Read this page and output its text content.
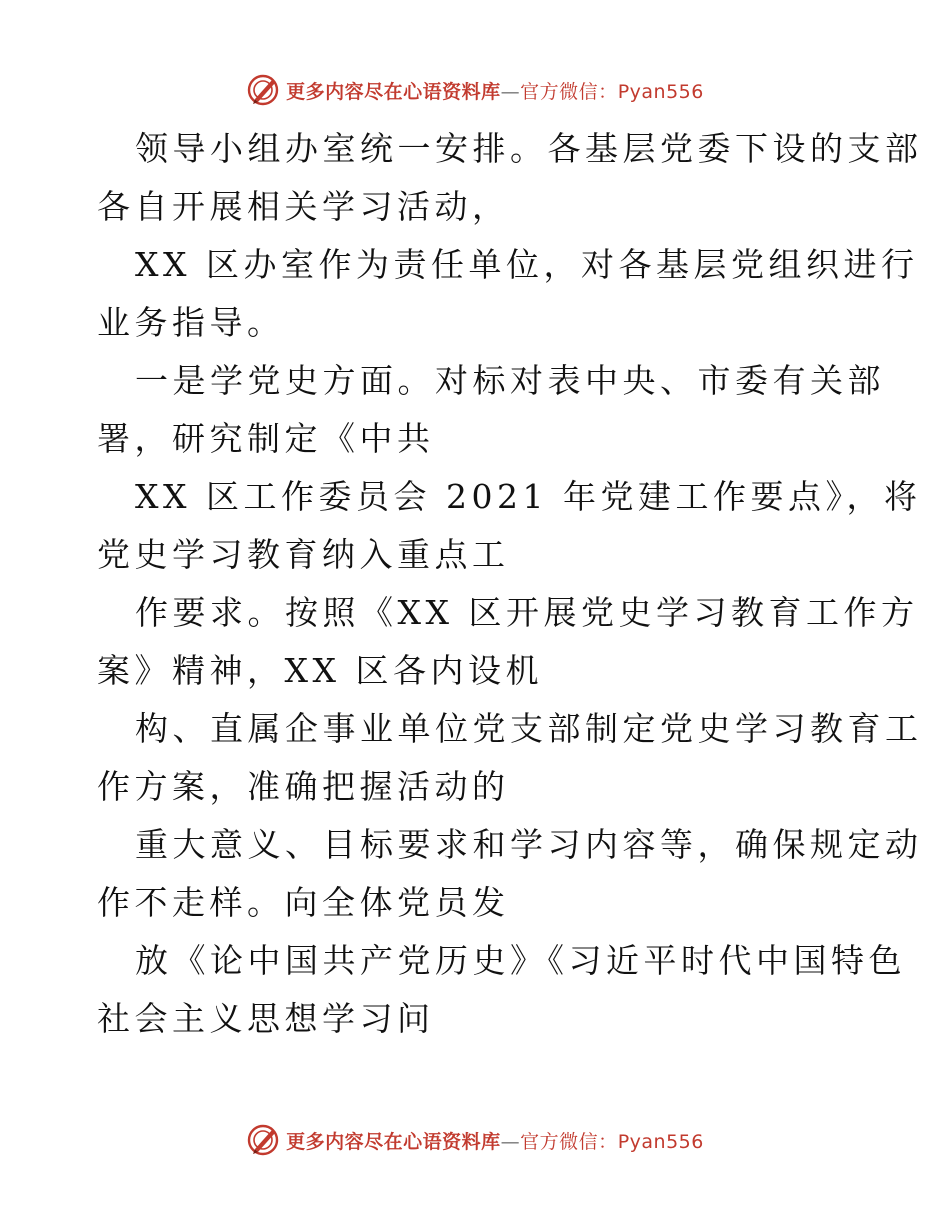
更多内容尽在心语资料库—官方微信：Pyan556

领导小组办室统一安排。各基层党委下设的支部
各自开展相关学习活动，

XX 区办室作为责任单位，对各基层党组织进行
业务指导。

一是学党史方面。对标对表中央、市委有关部
署，研究制定《中共

XX 区工作委员会 2021 年党建工作要点》，将
党史学习教育纳入重点工

作要求。按照《XX 区开展党史学习教育工作方
案》精神，XX 区各内设机

构、直属企事业单位党支部制定党史学习教育工
作方案，准确把握活动的

重大意义、目标要求和学习内容等，确保规定动
作不走样。向全体党员发

放《论中国共产党历史》《习近平时代中国特色
社会主义思想学习问

更多内容尽在心语资料库—官方微信：Pyan556
